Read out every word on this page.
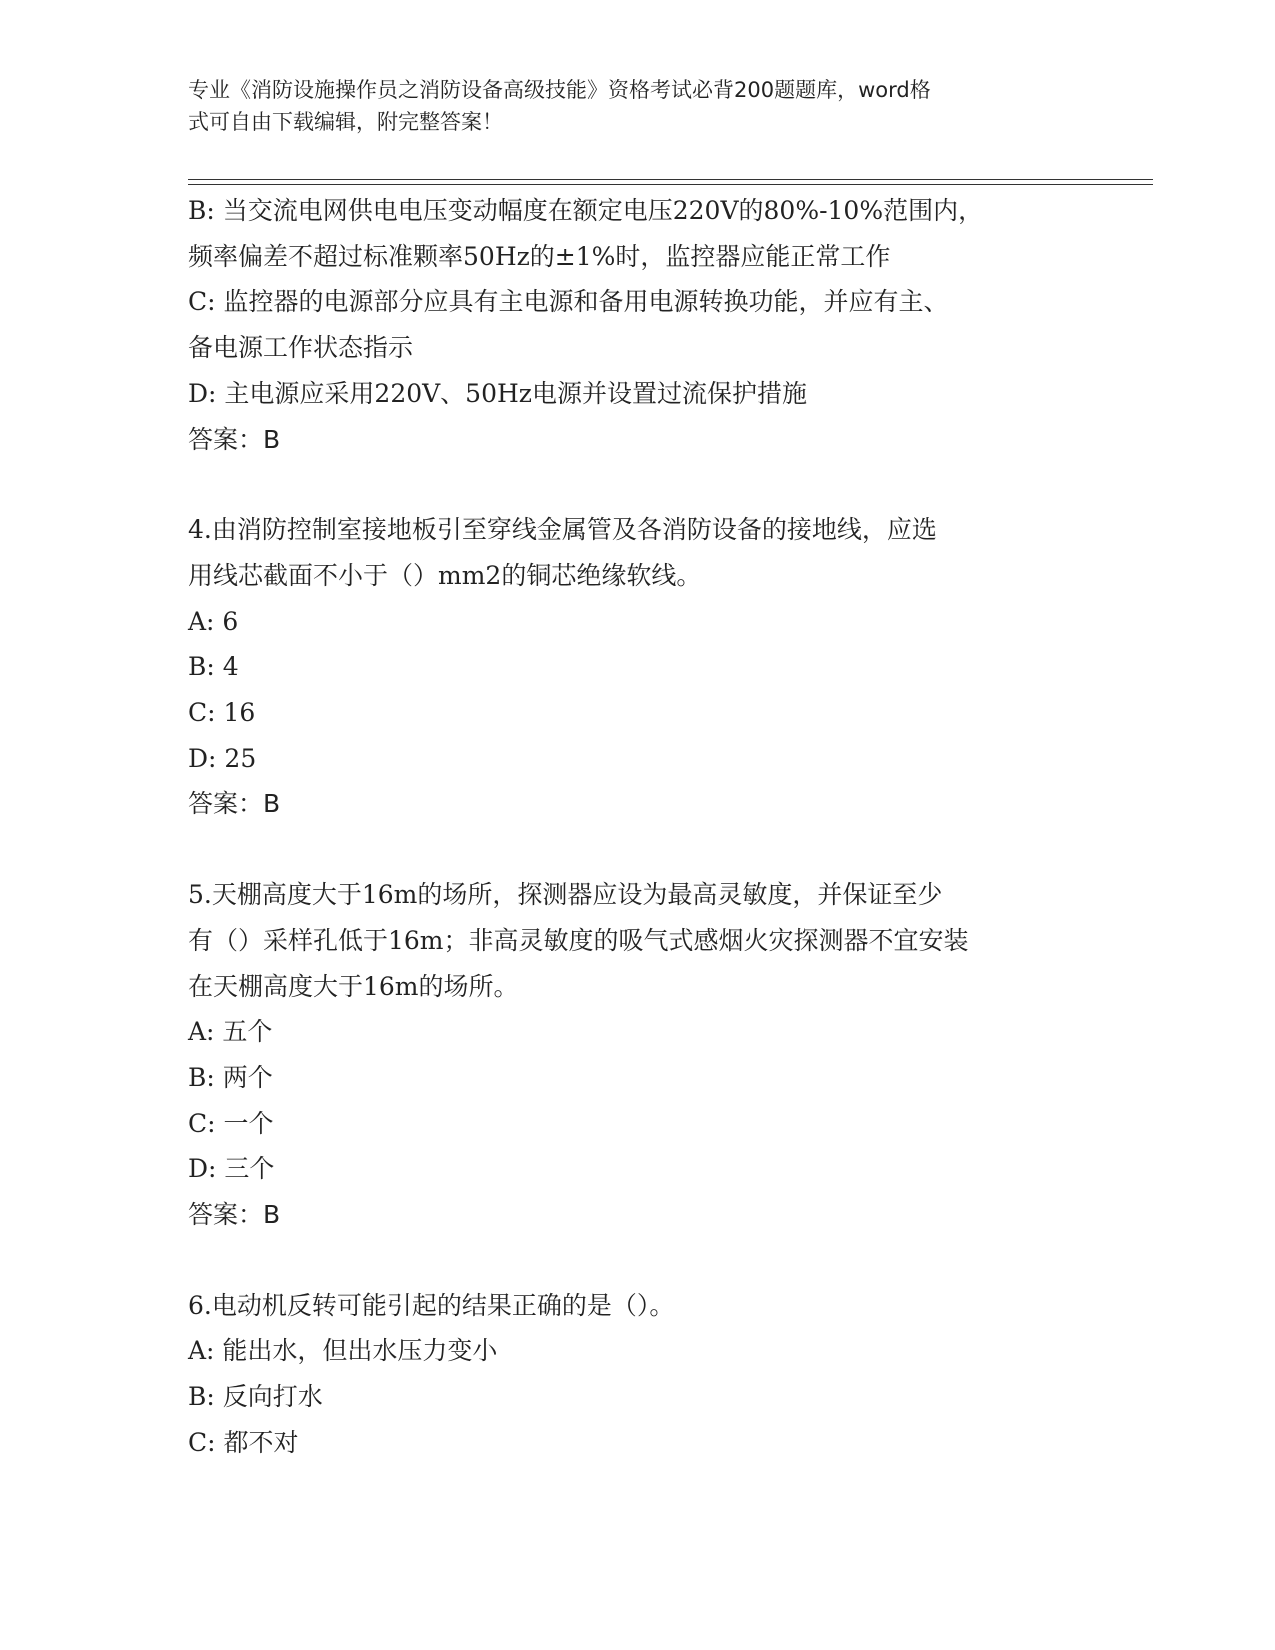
专业《消防设施操作员之消防设备高级技能》资格考试必背200题题库，word格
式可自由下载编辑，附完整答案！
B: 当交流电网供电电压变动幅度在额定电压220V的80%-10%范围内，
频率偏差不超过标准颗率50Hz的±1%时，监控器应能正常工作
C: 监控器的电源部分应具有主电源和备用电源转换功能，并应有主、
备电源工作状态指示
D: 主电源应采用220V、50Hz电源并设置过流保护措施
答案：B
4.由消防控制室接地板引至穿线金属管及各消防设备的接地线，应选
用线芯截面不小于（）mm2的铜芯绝缘软线。
A: 6
B: 4
C: 16
D: 25
答案：B
5.天棚高度大于16m的场所，探测器应设为最高灵敏度，并保证至少
有（）采样孔低于16m；非高灵敏度的吸气式感烟火灾探测器不宜安装
在天棚高度大于16m的场所。
A: 五个
B: 两个
C: 一个
D: 三个
答案：B
6.电动机反转可能引起的结果正确的是（）。
A: 能出水，但出水压力变小
B: 反向打水
C: 都不对
